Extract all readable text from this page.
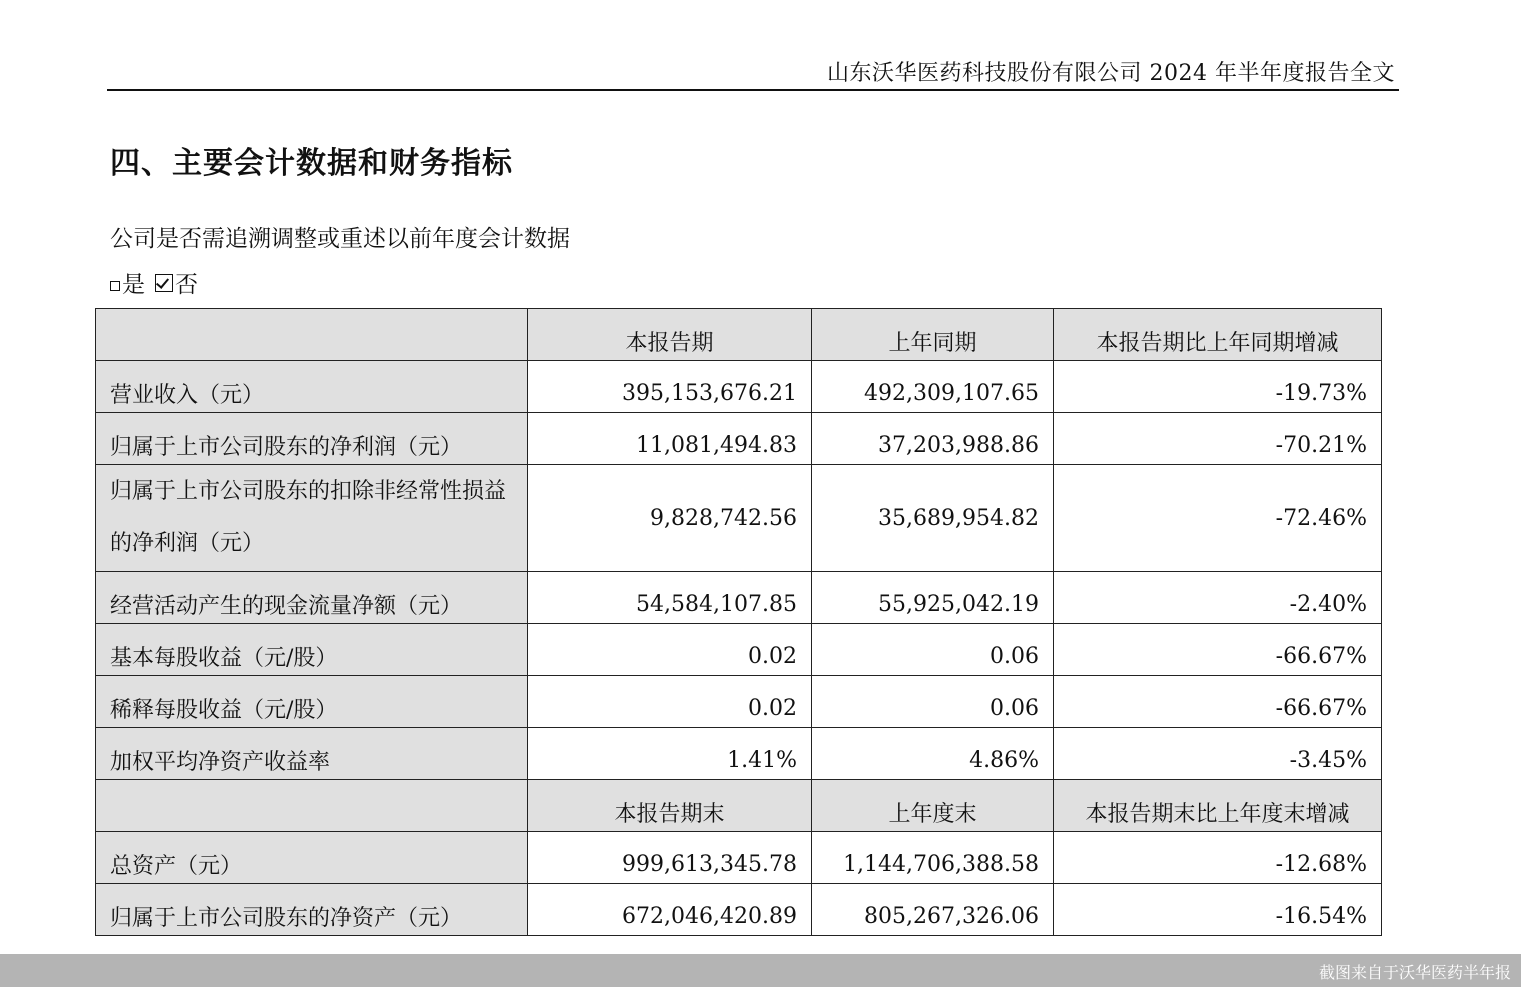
山东沃华医药科技股份有限公司 2024 年半年度报告全文
四、主要会计数据和财务指标
公司是否需追溯调整或重述以前年度会计数据
是 否
	本报告期	上年同期	本报告期比上年同期增减
营业收入（元）	395,153,676.21	492,309,107.65	-19.73%
归属于上市公司股东的净利润（元）	11,081,494.83	37,203,988.86	-70.21%
归属于上市公司股东的扣除非经常性损益的净利润（元）	9,828,742.56	35,689,954.82	-72.46%
经营活动产生的现金流量净额（元）	54,584,107.85	55,925,042.19	-2.40%
基本每股收益（元/股）	0.02	0.06	-66.67%
稀释每股收益（元/股）	0.02	0.06	-66.67%
加权平均净资产收益率	1.41%	4.86%	-3.45%
	本报告期末	上年度末	本报告期末比上年度末增减
总资产（元）	999,613,345.78	1,144,706,388.58	-12.68%
归属于上市公司股东的净资产（元）	672,046,420.89	805,267,326.06	-16.54%
截图来自于沃华医药半年报
